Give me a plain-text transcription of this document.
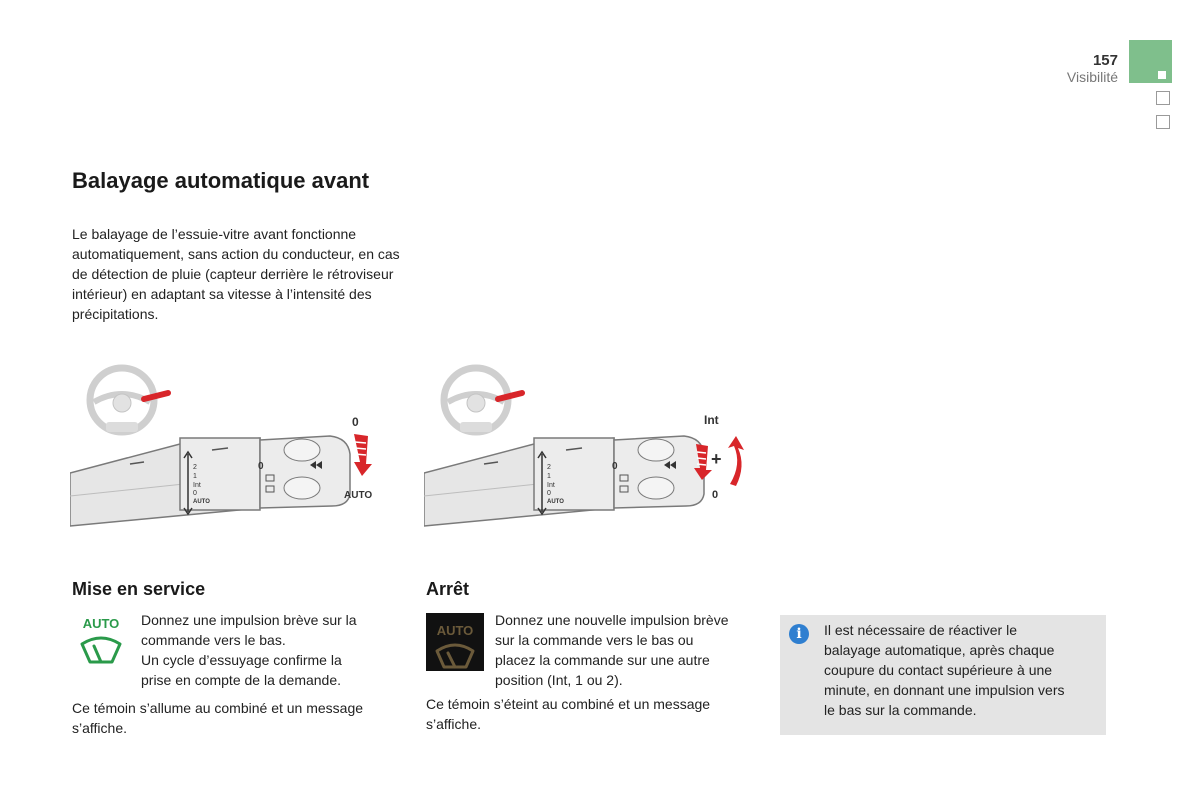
157
Visibilité
Balayage automatique avant

Le balayage de l’essuie-vitre avant fonctionne automatiquement, sans action du conducteur, en cas de détection de pluie (capteur derrière le rétroviseur intérieur) en adaptant sa vitesse à l’intensité des précipitations.

2
1
Int
0
AUTO
0
0
AUTO
2
1
Int
0
AUTO
0
Int
+
0
Mise en service
AUTO Donnez une impulsion brève sur la
commande vers le bas.
Un cycle d’essuyage confirme la
prise en compte de la demande.
Ce témoin s’allume au combiné et un message
s’affiche.
Arrêt
AUTO
Donnez une nouvelle impulsion brève
sur la commande vers le bas ou
placez la commande sur une autre
position (Int, 1 ou 2).
Ce témoin s’éteint au combiné et un message
s’affiche.
i	Il est nécessaire de réactiver le
balayage automatique, après chaque
coupure du contact supérieure à une
minute, en donnant une impulsion vers
le bas sur la commande.
